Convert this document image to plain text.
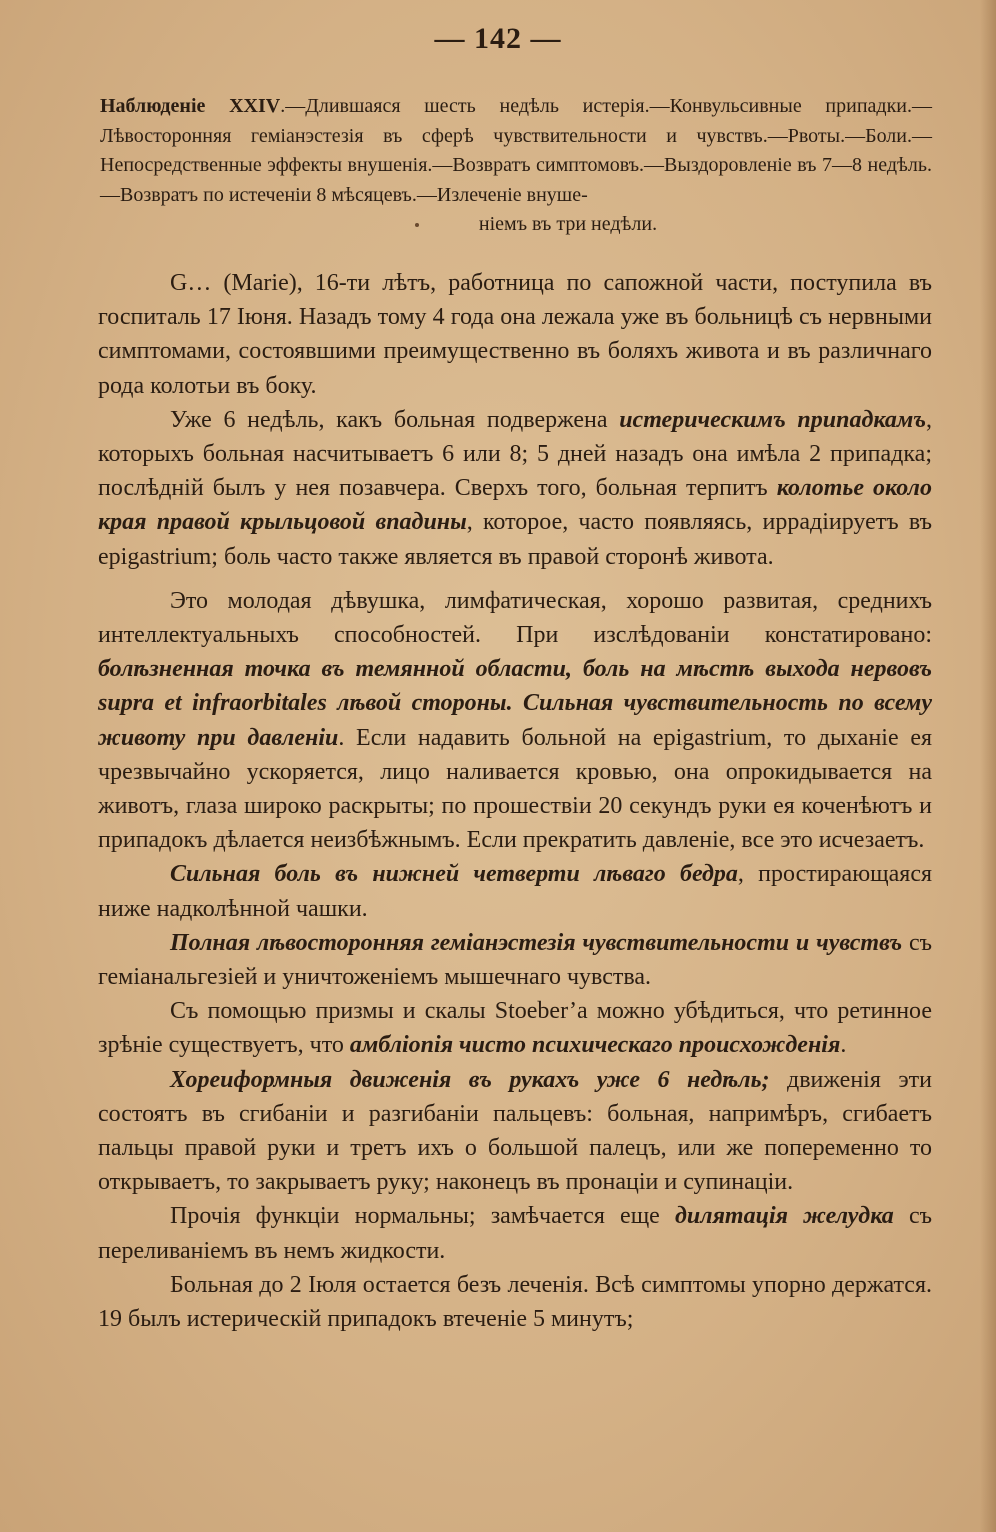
— 142 —
Наблюденіе XXIV.—Длившаяся шесть недѣль истерія.—Конвульсивные припадки.—Лѣвосторонняя геміанэстезія въ сферѣ чувствительности и чувствъ.—Рвоты.—Боли.—Непосредственные эффекты внушенія.—Возвратъ симптомовъ.—Выздоровленіе въ 7—8 недѣль.—Возвратъ по истеченіи 8 мѣсяцевъ.—Излеченіе внуше-
ніемъ въ три недѣли.

G… (Marie), 16-ти лѣтъ, работница по сапожной части, поступила въ госпиталь 17 Іюня. Назадъ тому 4 года она лежала уже въ больницѣ съ нервными симптомами, состоявшими преимущественно въ боляхъ живота и въ различнаго рода колотьи въ боку.

Уже 6 недѣль, какъ больная подвержена истерическимъ припадкамъ, которыхъ больная насчитываетъ 6 или 8; 5 дней назадъ она имѣла 2 припадка; послѣдній былъ у нея позавчера. Сверхъ того, больная терпитъ колотье около края правой крыльцовой впадины, которое, часто появляясь, иррадіируетъ въ epigastrium; боль часто также является въ правой сторонѣ живота.

Это молодая дѣвушка, лимфатическая, хорошо развитая, среднихъ интеллектуальныхъ способностей. При изслѣдованіи констатировано: болѣзненная точка въ темянной области, боль на мѣстѣ выхода нервовъ supra et infraorbitales лѣвой стороны. Сильная чувствительность по всему животу при давленіи. Если надавить больной на epigastrium, то дыханіе ея чрезвычайно ускоряется, лицо наливается кровью, она опрокидывается на животъ, глаза широко раскрыты; по прошествіи 20 секундъ руки ея коченѣютъ и припадокъ дѣлается неизбѣжнымъ. Если прекратить давленіе, все это исчезаетъ.

Сильная боль въ нижней четверти лѣваго бедра, простирающаяся ниже надколѣнной чашки.

Полная лѣвосторонняя геміанэстезія чувствительности и чувствъ съ геміанальгезіей и уничтоженіемъ мышечнаго чувства.

Съ помощью призмы и скалы Stoeber’а можно убѣдиться, что ретинное зрѣніе существуетъ, что амбліопія чисто психическаго происхожденія.

Хореиформныя движенія въ рукахъ уже 6 недѣль; движенія эти состоятъ въ сгибаніи и разгибаніи пальцевъ: больная, напримѣръ, сгибаетъ пальцы правой руки и третъ ихъ о большой палецъ, или же попеременно то открываетъ, то закрываетъ руку; наконецъ въ пронаціи и супинаціи.

Прочія функціи нормальны; замѣчается еще дилятація желудка съ переливаніемъ въ немъ жидкости.

Больная до 2 Іюля остается безъ леченія. Всѣ симптомы упорно держатся. 19 былъ истерическій припадокъ втеченіе 5 минутъ;
